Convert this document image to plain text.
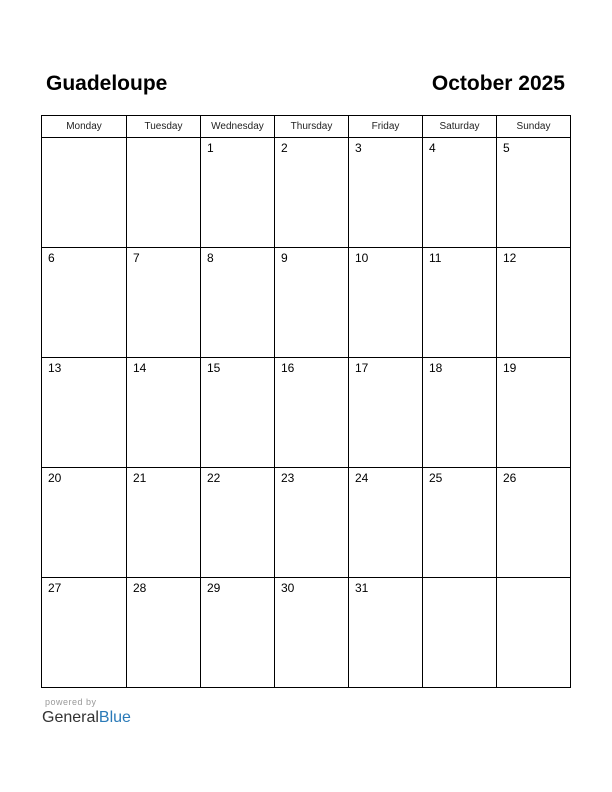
Guadeloupe	October 2025
Monday	Tuesday	Wednesday	Thursday	Friday	Saturday	Sunday
		1	2	3	4	5
6	7	8	9	10	11	12
13	14	15	16	17	18	19
20	21	22	23	24	25	26
27	28	29	30	31		
powered by
GeneralBlue
